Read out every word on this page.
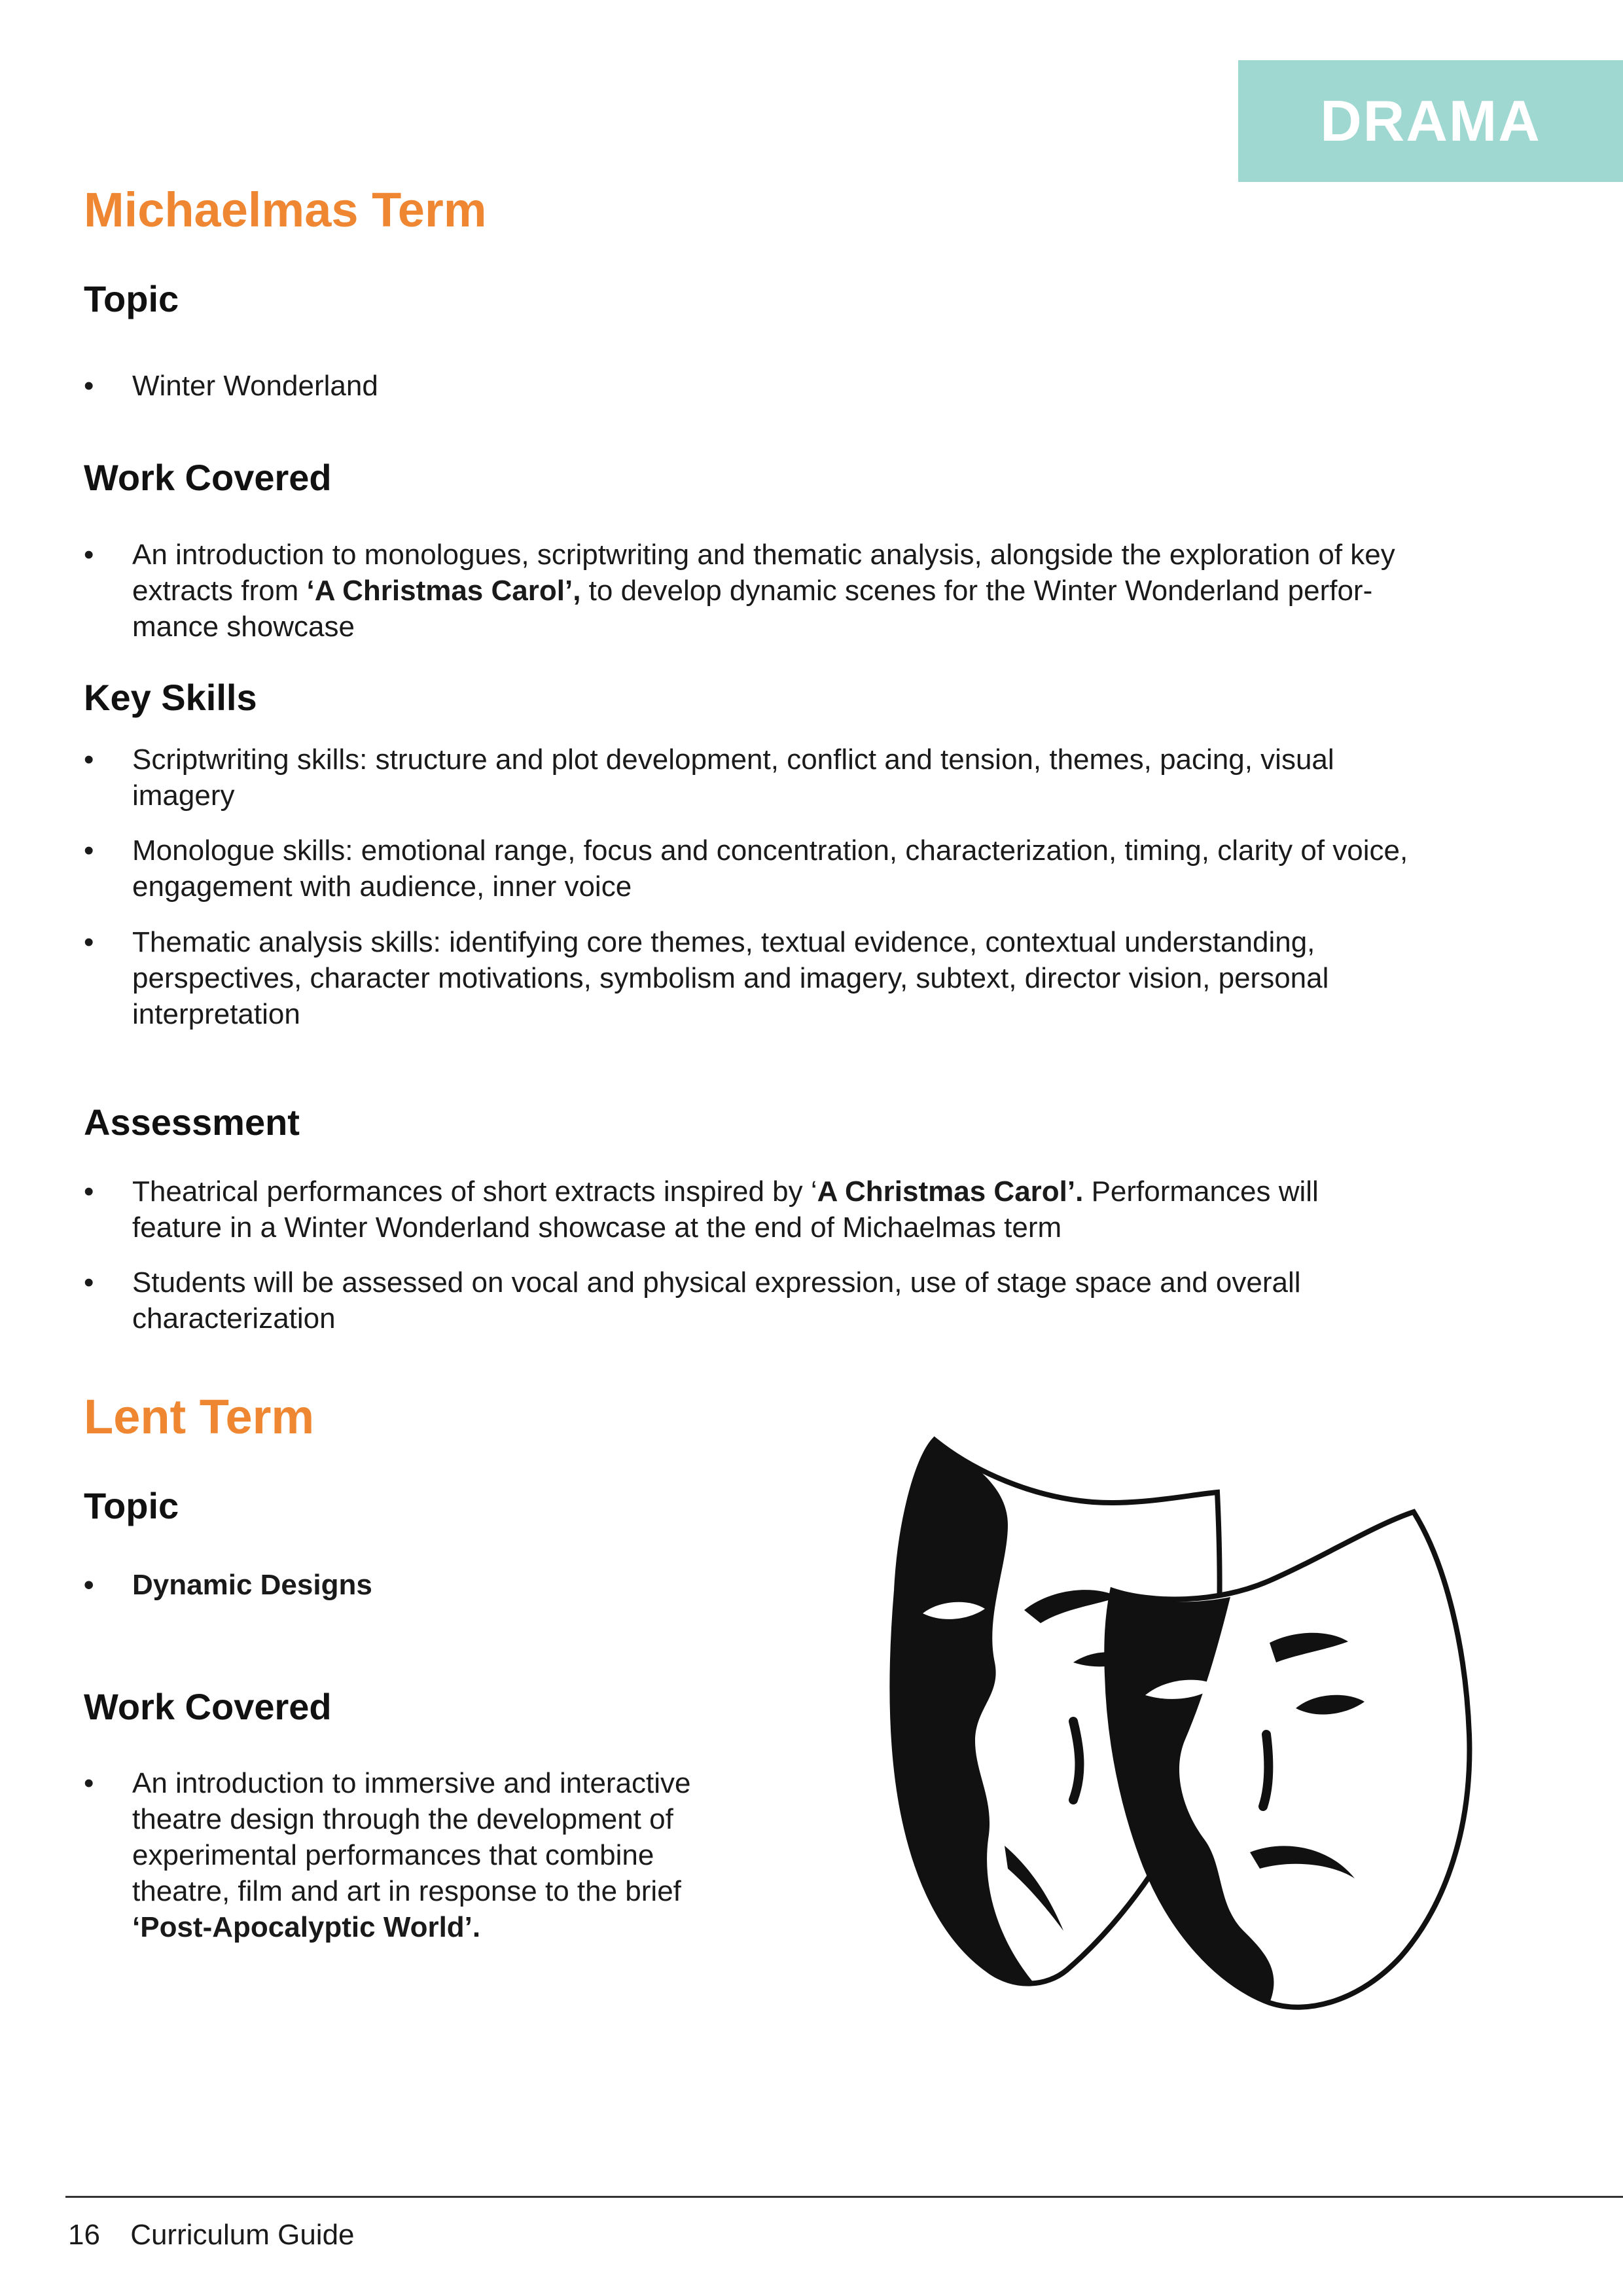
DRAMA
Michaelmas Term
Topic
•	Winter Wonderland
Work Covered
•	An introduction to monologues, scriptwriting and thematic analysis, alongside the exploration of key
extracts from ‘A Christmas Carol’, to develop dynamic scenes for the Winter Wonderland perfor-
mance showcase
Key Skills
•	Scriptwriting skills: structure and plot development, conflict and tension, themes, pacing, visual
imagery
•	Monologue skills: emotional range, focus and concentration, characterization, timing, clarity of voice,
engagement with audience, inner voice
•	Thematic analysis skills: identifying core themes, textual evidence, contextual understanding,
perspectives, character motivations, symbolism and imagery, subtext, director vision, personal
interpretation
Assessment
•	Theatrical performances of short extracts inspired by ‘A Christmas Carol’. Performances will
feature in a Winter Wonderland showcase at the end of Michaelmas term
•	Students will be assessed on vocal and physical expression, use of stage space and overall
characterization
Lent Term
Topic
•	Dynamic Designs
Work Covered
•	An introduction to immersive and interactive
theatre design through the development of
experimental performances that combine
theatre, film and art in response to the brief
‘Post-Apocalyptic World’.
16 Curriculum Guide
